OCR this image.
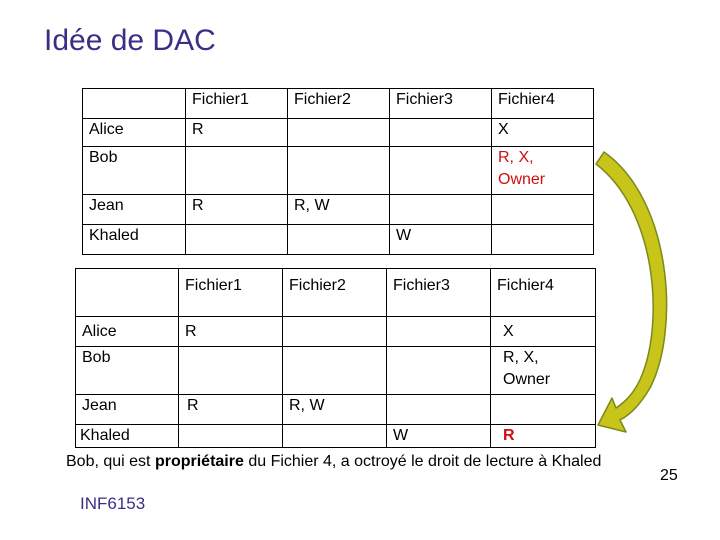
Idée de DAC
	Fichier1	Fichier2	Fichier3	Fichier4
Alice	R			X
Bob				R, X, Owner
Jean	R	R, W		
Khaled			W	
	Fichier1	Fichier2	Fichier3	Fichier4
Alice	R			X
Bob				R, X, Owner
Jean	R	R, W		
Khaled			W	R
Bob, qui est propriétaire du Fichier 4, a octroyé le droit de lecture à Khaled
25
INF6153
